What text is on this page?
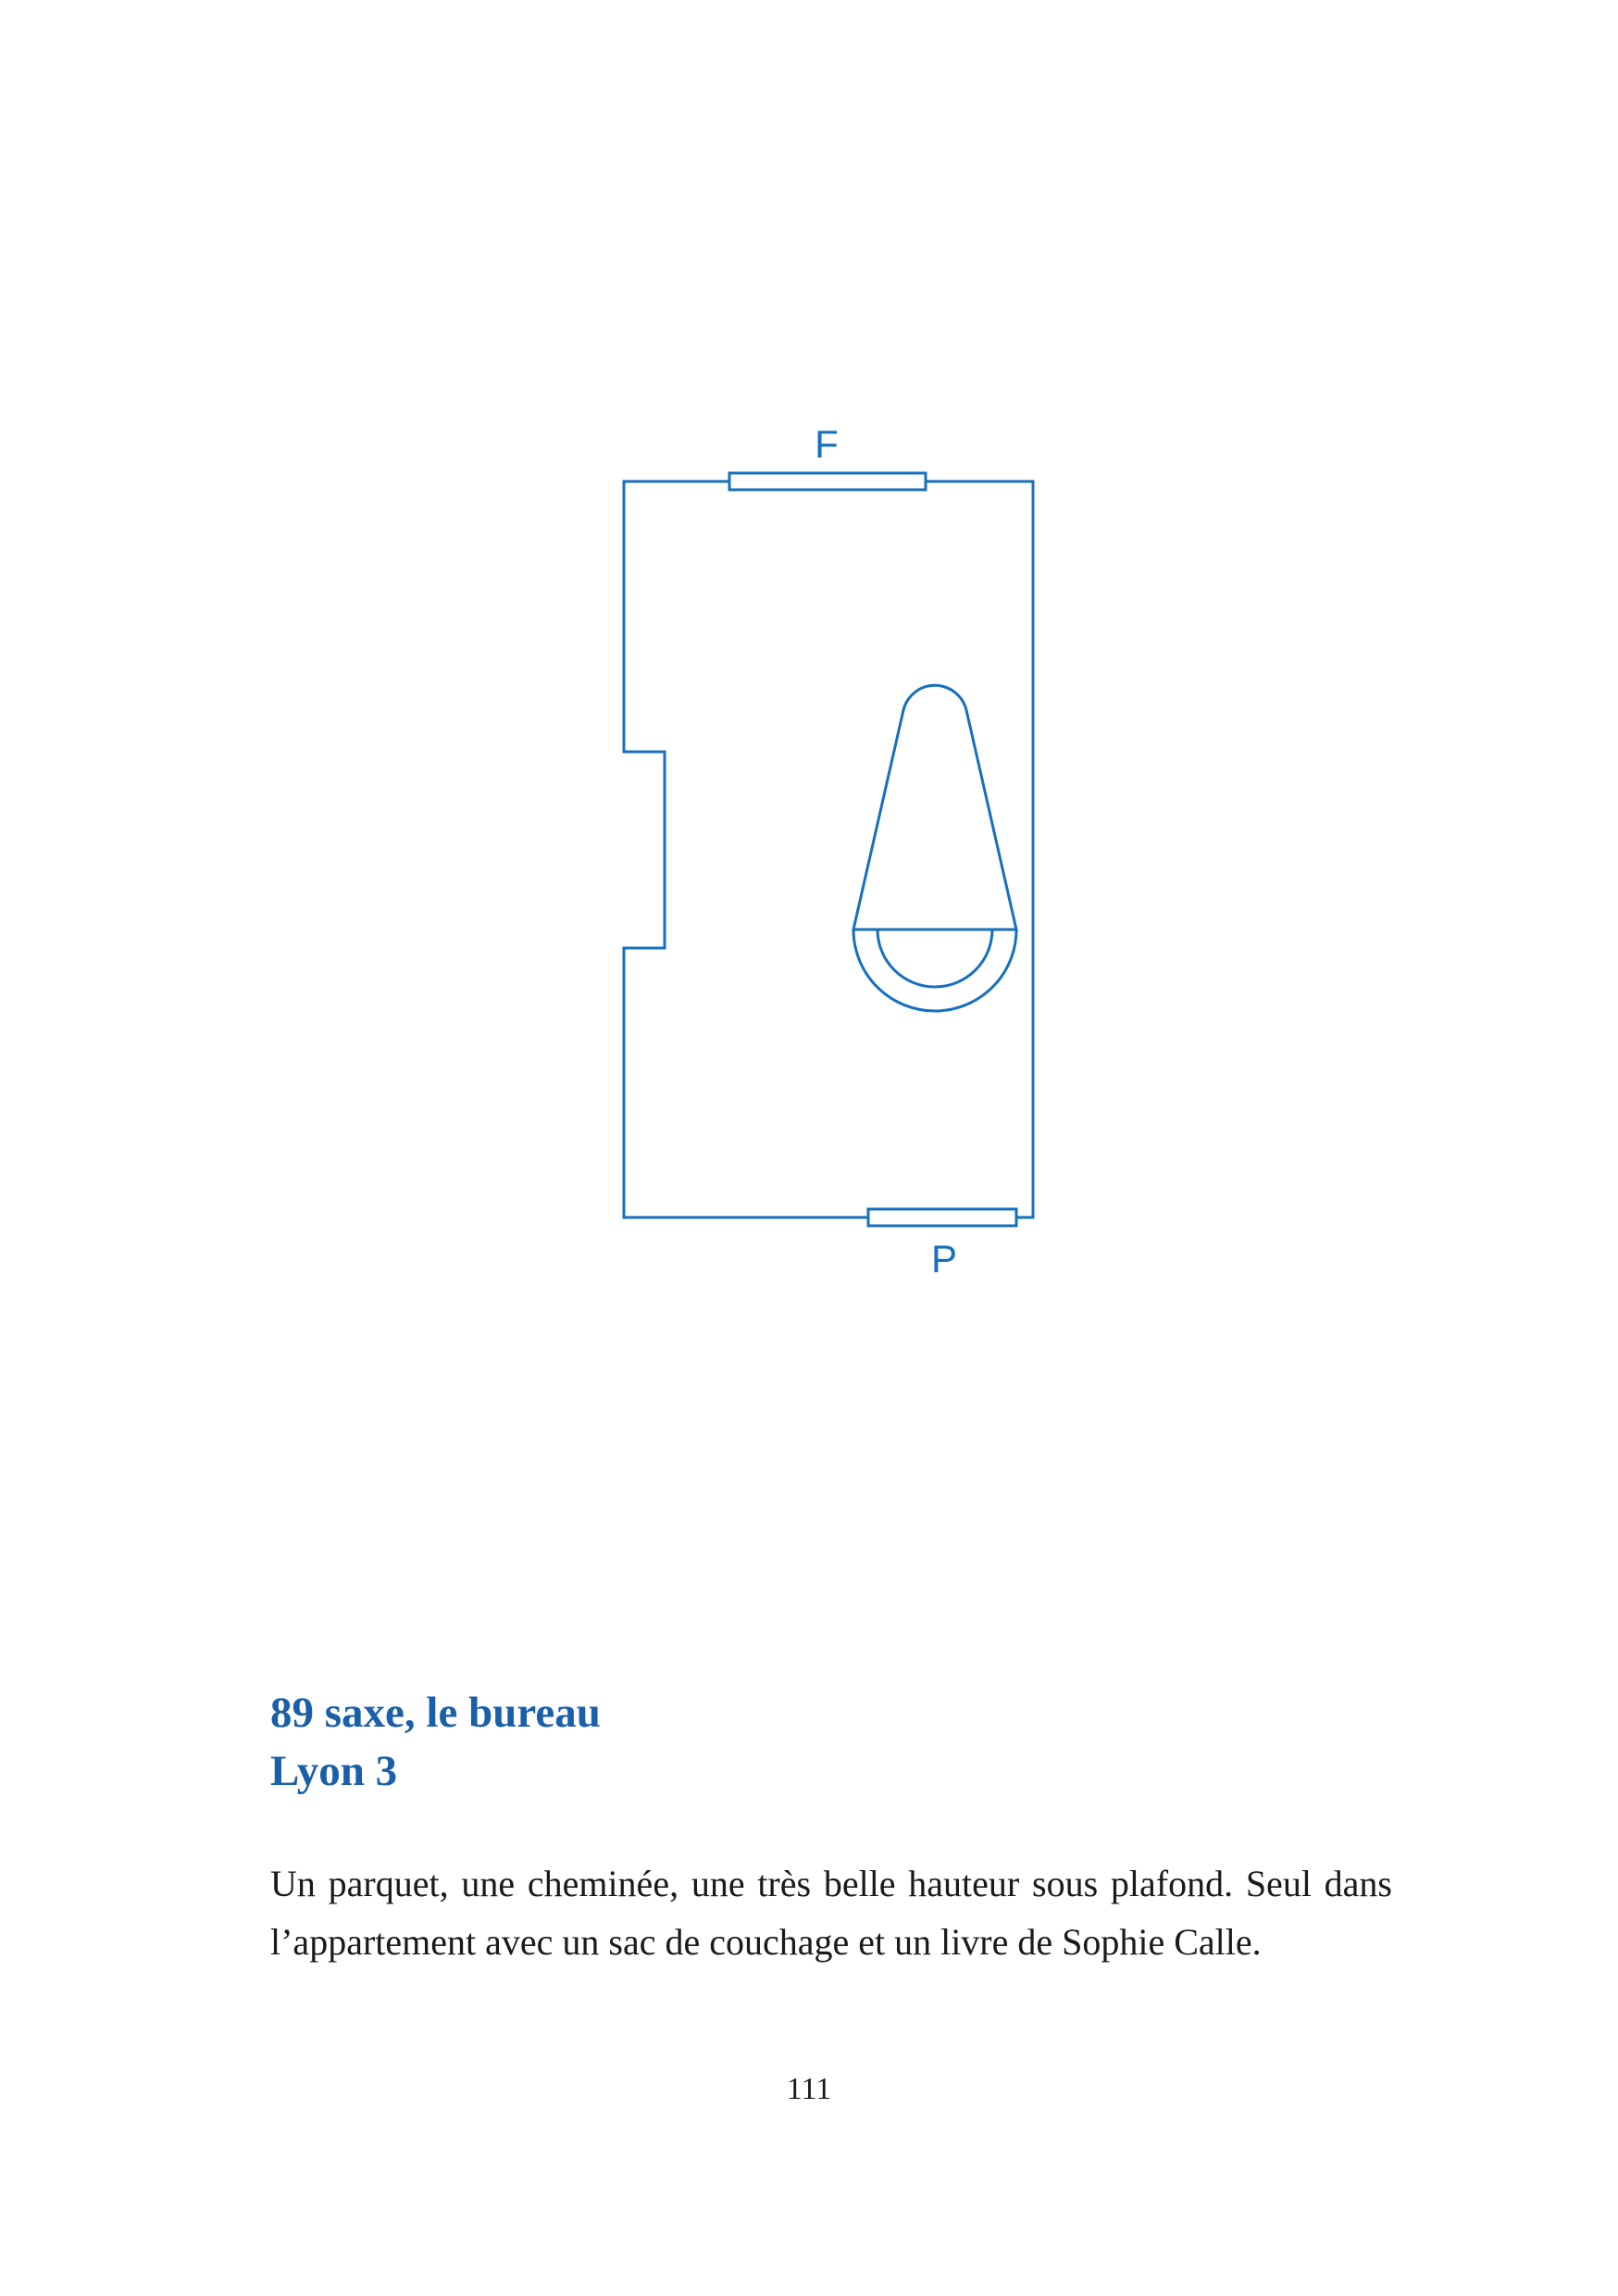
F
P
89 saxe, le bureau
Lyon 3

Un parquet, une cheminée, une très belle hauteur sous plafond. Seul dans l’appartement avec un sac de couchage et un livre de Sophie Calle.

111
